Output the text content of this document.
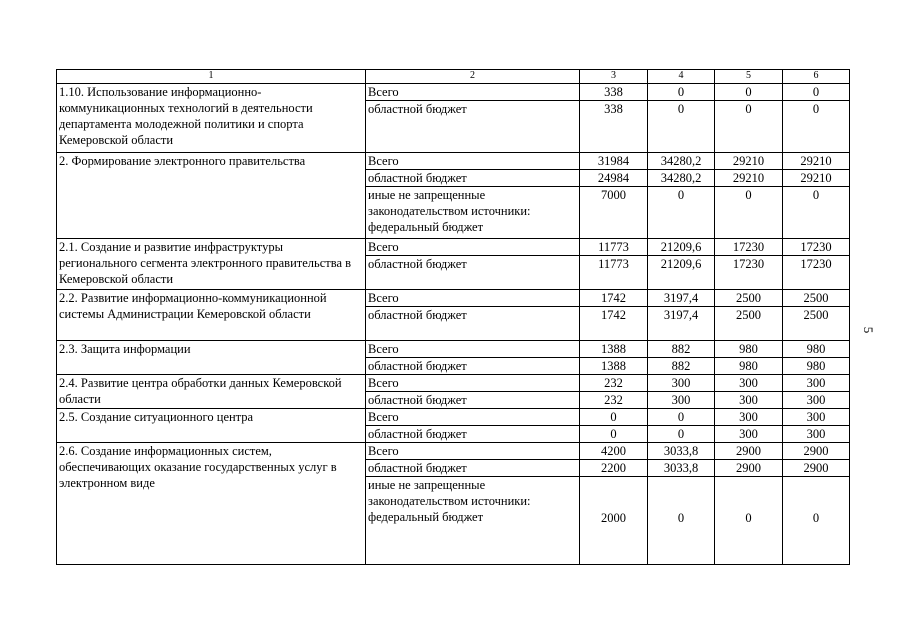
1	2	3	4	5	6
1.10. Использование информационно-коммуникационных технологий в деятельности департамента молодежной политики и спорта Кемеровской области	Всего	338	0	0	0
	областной бюджет	338	0	0	0
2. Формирование электронного правительства	Всего	31984	34280,2	29210	29210
	областной бюджет	24984	34280,2	29210	29210
	иные не запрещенные законодательством источники: федеральный бюджет	7000	0	0	0
2.1. Создание и развитие инфраструктуры регионального сегмента электронного правительства в Кемеровской области	Всего	11773	21209,6	17230	17230
	областной бюджет	11773	21209,6	17230	17230
2.2. Развитие информационно-коммуникационной системы Администрации Кемеровской области	Всего	1742	3197,4	2500	2500
	областной бюджет	1742	3197,4	2500	2500
2.3. Защита информации	Всего	1388	882	980	980
	областной бюджет	1388	882	980	980
2.4. Развитие центра обработки данных Кемеровской области	Всего	232	300	300	300
	областной бюджет	232	300	300	300
2.5. Создание ситуационного центра	Всего	0	0	300	300
	областной бюджет	0	0	300	300
2.6. Создание информационных систем, обеспечивающих оказание государственных услуг в электронном виде	Всего	4200	3033,8	2900	2900
	областной бюджет	2200	3033,8	2900	2900
	иные не запрещенные законодательством источники: федеральный бюджет	2000	0	0	0
5
